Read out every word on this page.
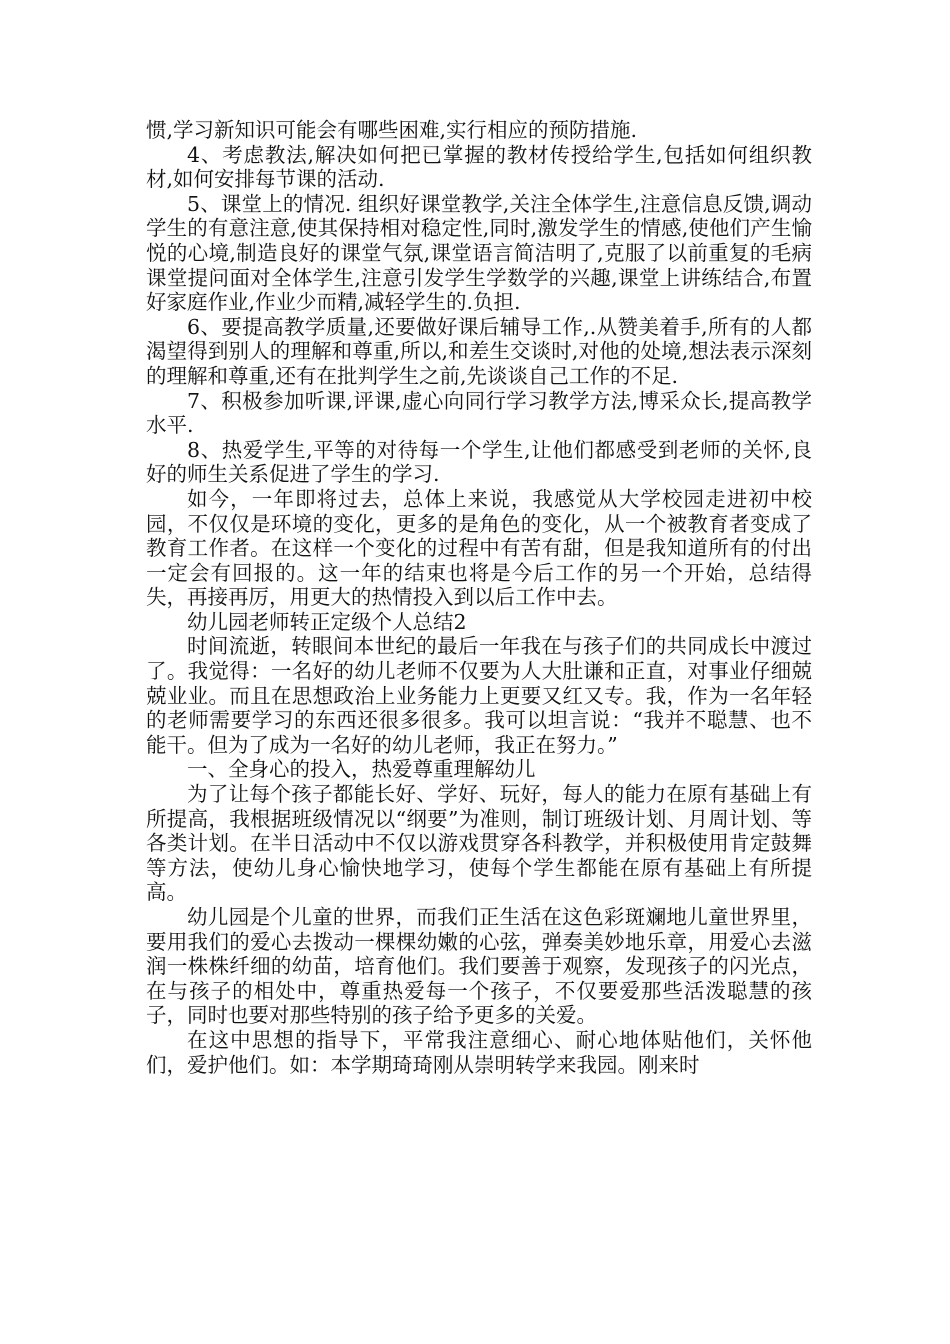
惯,学习新知识可能会有哪些困难,实行相应的预防措施.

4、考虑教法,解决如何把已掌握的教材传授给学生,包括如何组织教材,如何安排每节课的活动.

5、课堂上的情况. 组织好课堂教学,关注全体学生,注意信息反馈,调动学生的有意注意,使其保持相对稳定性,同时,激发学生的情感,使他们产生愉悦的心境,制造良好的课堂气氛,课堂语言简洁明了,克服了以前重复的毛病 课堂提问面对全体学生,注意引发学生学数学的兴趣,课堂上讲练结合,布置好家庭作业,作业少而精,减轻学生的.负担.

6、要提高教学质量,还要做好课后辅导工作,.从赞美着手,所有的人都渴望得到别人的理解和尊重,所以,和差生交谈时,对他的处境,想法表示深刻的理解和尊重,还有在批判学生之前,先谈谈自己工作的不足.

7、积极参加听课,评课,虚心向同行学习教学方法,博采众长,提高教学水平.

8、热爱学生,平等的对待每一个学生,让他们都感受到老师的关怀,良好的师生关系促进了学生的学习.

如今，一年即将过去，总体上来说，我感觉从大学校园走进初中校园，不仅仅是环境的变化，更多的是角色的变化，从一个被教育者变成了教育工作者。在这样一个变化的过程中有苦有甜，但是我知道所有的付出一定会有回报的。这一年的结束也将是今后工作的另一个开始，总结得失，再接再厉，用更大的热情投入到以后工作中去。

幼儿园老师转正定级个人总结2

时间流逝，转眼间本世纪的最后一年我在与孩子们的共同成长中渡过了。我觉得：一名好的幼儿老师不仅要为人大肚谦和正直，对事业仔细兢兢业业。而且在思想政治上业务能力上更要又红又专。我，作为一名年轻的老师需要学习的东西还很多很多。我可以坦言说：“我并不聪慧、也不能干。但为了成为一名好的幼儿老师，我正在努力。”

一、全身心的投入，热爱尊重理解幼儿

为了让每个孩子都能长好、学好、玩好，每人的能力在原有基础上有所提高，我根据班级情况以“纲要”为准则，制订班级计划、月周计划、等各类计划。在半日活动中不仅以游戏贯穿各科教学，并积极使用肯定鼓舞等方法，使幼儿身心愉快地学习，使每个学生都能在原有基础上有所提高。

幼儿园是个儿童的世界，而我们正生活在这色彩斑斓地儿童世界里，要用我们的爱心去拨动一棵棵幼嫩的心弦，弹奏美妙地乐章，用爱心去滋润一株株纤细的幼苗，培育他们。我们要善于观察，发现孩子的闪光点，在与孩子的相处中，尊重热爱每一个孩子，不仅要爱那些活泼聪慧的孩子，同时也要对那些特别的孩子给予更多的关爱。

在这中思想的指导下，平常我注意细心、耐心地体贴他们，关怀他们，爱护他们。如：本学期琦琦刚从崇明转学来我园。刚来时
